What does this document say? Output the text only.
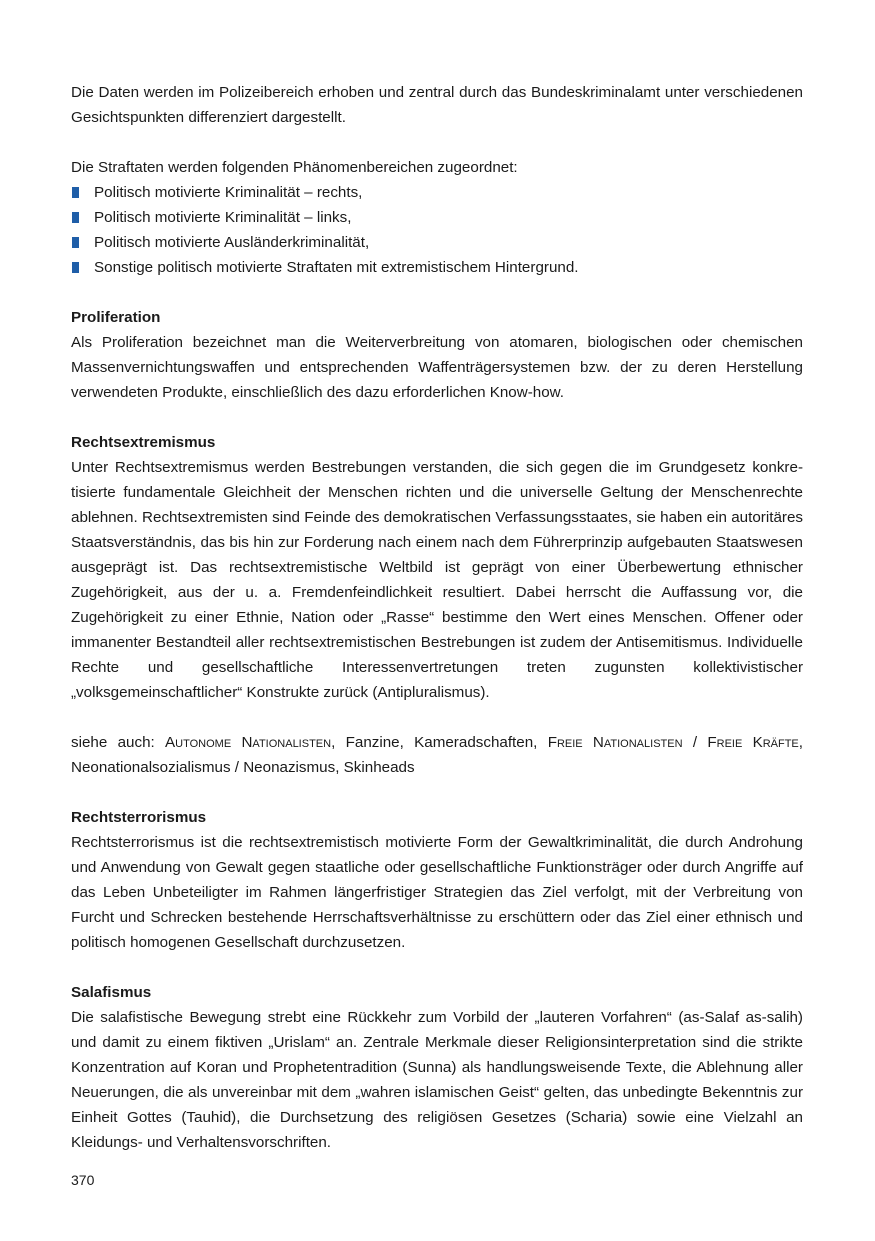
Die Daten werden im Polizeibereich erhoben und zentral durch das Bundeskriminalamt unter verschiedenen Gesichtspunkten differenziert dargestellt.

Die Straftaten werden folgenden Phänomenbereichen zugeordnet:

Politisch motivierte Kriminalität – rechts,
Politisch motivierte Kriminalität – links,
Politisch motivierte Ausländerkriminalität,
Sonstige politisch motivierte Straftaten mit extremistischem Hintergrund.
Proliferation

Als Proliferation bezeichnet man die Weiterverbreitung von atomaren, biologischen oder chemischen Massenvernichtungswaffen und entsprechenden Waffenträgersystemen bzw. der zu deren Herstellung verwendeten Produkte, einschließlich des dazu erforderlichen Know-how.

Rechtsextremismus

Unter Rechtsextremismus werden Bestrebungen verstanden, die sich gegen die im Grundgesetz konkretisierte fundamentale Gleichheit der Menschen richten und die universelle Geltung der Menschenrechte ablehnen. Rechtsextremisten sind Feinde des demokratischen Verfassungsstaates, sie haben ein autoritäres Staatsverständnis, das bis hin zur Forderung nach einem nach dem Führerprinzip aufgebauten Staatswesen ausgeprägt ist. Das rechtsextremistische Weltbild ist geprägt von einer Überbewertung ethnischer Zugehörigkeit, aus der u. a. Fremdenfeindlichkeit resultiert. Dabei herrscht die Auffassung vor, die Zugehörigkeit zu einer Ethnie, Nation oder „Rasse“ bestimme den Wert eines Menschen. Offener oder immanenter Bestandteil aller rechtsextremistischen Bestrebungen ist zudem der Antisemitismus. Individuelle Rechte und gesellschaftliche Interessenvertretungen treten zugunsten kollektivistischer „volksgemeinschaftlicher“ Konstrukte zurück (Antipluralismus).

siehe auch: Autonome Nationalisten, Fanzine, Kameradschaften, Freie Nationalisten / Freie Kräfte, Neonationalsozialismus / Neonazismus, Skinheads

Rechtsterrorismus

Rechtsterrorismus ist die rechtsextremistisch motivierte Form der Gewaltkriminalität, die durch Androhung und Anwendung von Gewalt gegen staatliche oder gesellschaftliche Funktionsträger oder durch Angriffe auf das Leben Unbeteiligter im Rahmen längerfristiger Strategien das Ziel verfolgt, mit der Verbreitung von Furcht und Schrecken bestehende Herrschaftsverhältnisse zu erschüttern oder das Ziel einer ethnisch und politisch homogenen Gesellschaft durchzusetzen.

Salafismus

Die salafistische Bewegung strebt eine Rückkehr zum Vorbild der „lauteren Vorfahren“ (as-Salaf as-salih) und damit zu einem fiktiven „Urislam“ an. Zentrale Merkmale dieser Religionsinterpretation sind die strikte Konzentration auf Koran und Prophetentradition (Sunna) als handlungsweisende Texte, die Ablehnung aller Neuerungen, die als unvereinbar mit dem „wahren islamischen Geist“ gelten, das unbedingte Bekenntnis zur Einheit Gottes (Tauhid), die Durchsetzung des religiösen Gesetzes (Scharia) sowie eine Vielzahl an Kleidungs- und Verhaltensvorschriften.

370
